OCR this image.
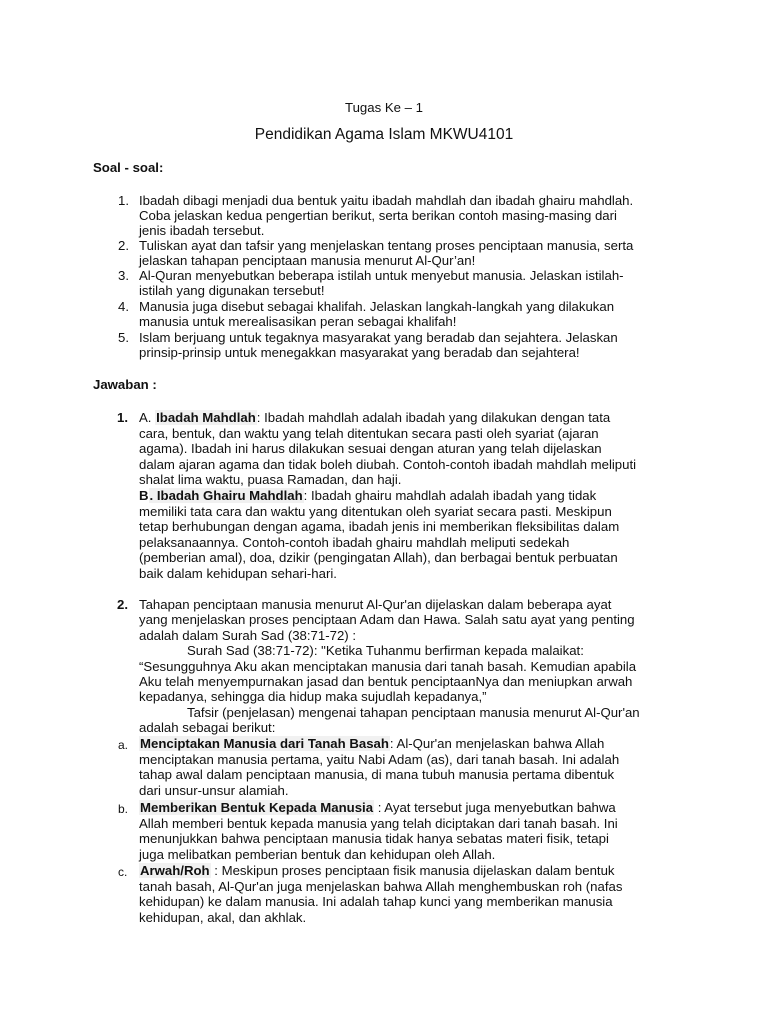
Tugas Ke – 1
Pendidikan Agama Islam MKWU4101
Soal - soal:
1. Ibadah dibagi menjadi dua bentuk yaitu ibadah mahdlah dan ibadah ghairu mahdlah.
Coba jelaskan kedua pengertian berikut, serta berikan contoh masing-masing dari
jenis ibadah tersebut.
2. Tuliskan ayat dan tafsir yang menjelaskan tentang proses penciptaan manusia, serta
jelaskan tahapan penciptaan manusia menurut Al-Qur’an!
3. Al-Quran menyebutkan beberapa istilah untuk menyebut manusia. Jelaskan istilah-
istilah yang digunakan tersebut!
4. Manusia juga disebut sebagai khalifah. Jelaskan langkah-langkah yang dilakukan
manusia untuk merealisasikan peran sebagai khalifah!
5. Islam berjuang untuk tegaknya masyarakat yang beradab dan sejahtera. Jelaskan
prinsip-prinsip untuk menegakkan masyarakat yang beradab dan sejahtera!
Jawaban :
1. A. Ibadah Mahdlah: Ibadah mahdlah adalah ibadah yang dilakukan dengan tata
cara, bentuk, dan waktu yang telah ditentukan secara pasti oleh syariat (ajaran
agama). Ibadah ini harus dilakukan sesuai dengan aturan yang telah dijelaskan
dalam ajaran agama dan tidak boleh diubah. Contoh-contoh ibadah mahdlah meliputi
shalat lima waktu, puasa Ramadan, dan haji.
B. Ibadah Ghairu Mahdlah: Ibadah ghairu mahdlah adalah ibadah yang tidak
memiliki tata cara dan waktu yang ditentukan oleh syariat secara pasti. Meskipun
tetap berhubungan dengan agama, ibadah jenis ini memberikan fleksibilitas dalam
pelaksanaannya. Contoh-contoh ibadah ghairu mahdlah meliputi sedekah
(pemberian amal), doa, dzikir (pengingatan Allah), dan berbagai bentuk perbuatan
baik dalam kehidupan sehari-hari.
2. Tahapan penciptaan manusia menurut Al-Qur'an dijelaskan dalam beberapa ayat
yang menjelaskan proses penciptaan Adam dan Hawa. Salah satu ayat yang penting
adalah dalam Surah Sad (38:71-72) :
Surah Sad (38:71-72): "Ketika Tuhanmu berfirman kepada malaikat:
“Sesungguhnya Aku akan menciptakan manusia dari tanah basah. Kemudian apabila
Aku telah menyempurnakan jasad dan bentuk penciptaanNya dan meniupkan arwah
kepadanya, sehingga dia hidup maka sujudlah kepadanya,”
Tafsir (penjelasan) mengenai tahapan penciptaan manusia menurut Al-Qur'an
adalah sebagai berikut:
a. Menciptakan Manusia dari Tanah Basah: Al-Qur'an menjelaskan bahwa Allah
menciptakan manusia pertama, yaitu Nabi Adam (as), dari tanah basah. Ini adalah
tahap awal dalam penciptaan manusia, di mana tubuh manusia pertama dibentuk
dari unsur-unsur alamiah.
b. Memberikan Bentuk Kepada Manusia : Ayat tersebut juga menyebutkan bahwa
Allah memberi bentuk kepada manusia yang telah diciptakan dari tanah basah. Ini
menunjukkan bahwa penciptaan manusia tidak hanya sebatas materi fisik, tetapi
juga melibatkan pemberian bentuk dan kehidupan oleh Allah.
c. Arwah/Roh : Meskipun proses penciptaan fisik manusia dijelaskan dalam bentuk
tanah basah, Al-Qur'an juga menjelaskan bahwa Allah menghembuskan roh (nafas
kehidupan) ke dalam manusia. Ini adalah tahap kunci yang memberikan manusia
kehidupan, akal, dan akhlak.
